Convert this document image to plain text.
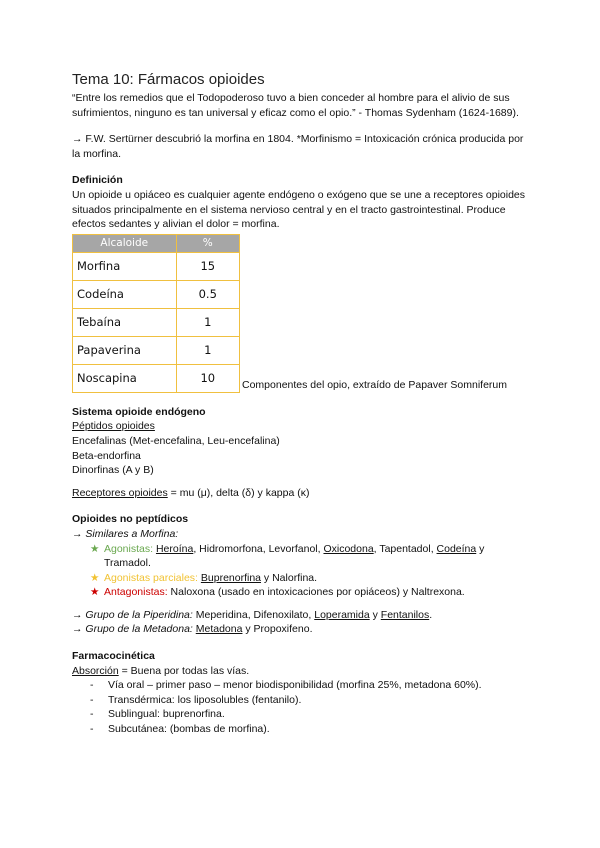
Tema 10: Fármacos opioides

“Entre los remedios que el Todopoderoso tuvo a bien conceder al hombre para el alivio de sus sufrimientos, ninguno es tan universal y eficaz como el opio.” - Thomas Sydenham (1624-1689).

→ F.W. Sertürner descubrió la morfina en 1804. *Morfinismo = Intoxicación crónica producida por la morfina.

Definición

Un opioide u opiáceo es cualquier agente endógeno o exógeno que se une a receptores opioides situados principalmente en el sistema nervioso central y en el tracto gastrointestinal. Produce efectos sedantes y alivian el dolor = morfina.

Alcaloide	%
Morfina	15
Codeína	0.5
Tebaína	1
Papaverina	1
Noscapina	10
Componentes del opio, extraído de Papaver Somniferum

Sistema opioide endógeno

Péptidos opioides

Encefalinas (Met-encefalina, Leu-encefalina)

Beta-endorfina

Dinorfinas (A y B)

Receptores opioides = mu (μ), delta (δ) y kappa (κ)

Opioides no peptídicos

→ Similares a Morfina:

★ Agonistas: Heroína, Hidromorfona, Levorfanol, Oxicodona, Tapentadol, Codeína y Tramadol.
★ Agonistas parciales: Buprenorfina y Nalorfina.
★ Antagonistas: Naloxona (usado en intoxicaciones por opiáceos) y Naltrexona.

→ Grupo de la Piperidina: Meperidina, Difenoxilato, Loperamida y Fentanilos.

→ Grupo de la Metadona: Metadona y Propoxifeno.

Farmacocinética

Absorción = Buena por todas las vías.

- Vía oral – primer paso – menor biodisponibilidad (morfina 25%, metadona 60%).
- Transdérmica: los liposolubles (fentanilo).
- Sublingual: buprenorfina.
- Subcutánea: (bombas de morfina).
